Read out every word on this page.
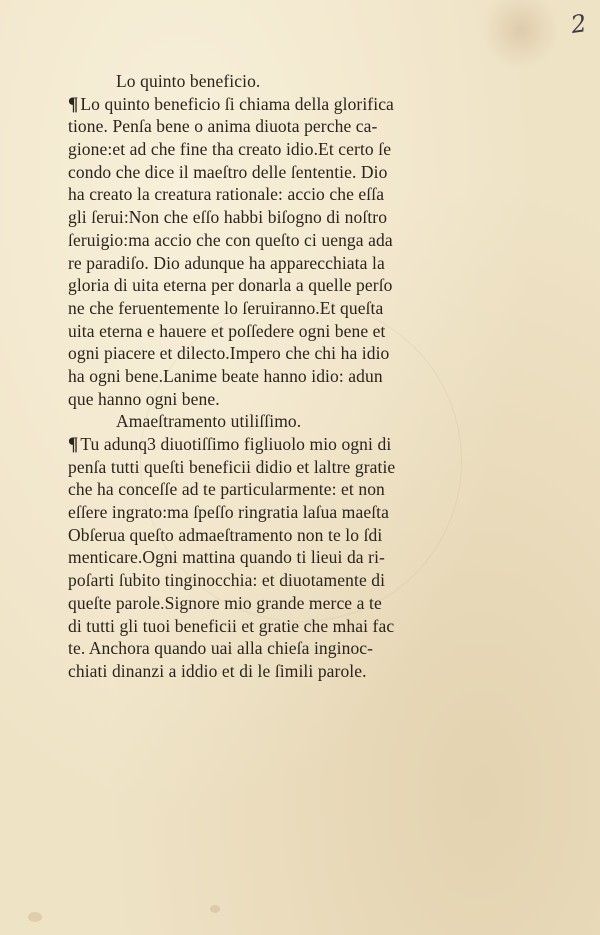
2
Lo quinto beneficio.
¶ Lo quinto beneficio ſi chiama della glorifica
tione. Penſa bene o anima diuota perche ca-
gione:et ad che fine tha creato idio.Et certo ſe
condo che dice il maeſtro delle ſententie. Dio
ha creato la creatura rationale: accio che eſſa
gli ſerui:Non che eſſo habbi biſogno di noſtro
ſeruigio:ma accio che con queſto ci uenga ada
re paradiſo. Dio adunque ha apparecchiata la
gloria di uita eterna per donarla a quelle perſo
ne che feruentemente lo ſeruiranno.Et queſta
uita eterna e hauere et poſſedere ogni bene et
ogni piacere et dilecto.Impero che chi ha idio
ha ogni bene.Lanime beate hanno idio: adun
que hanno ogni bene.
Amaeſtramento utiliſſimo.
¶ Tu adunq3 diuotiſſimo figliuolo mio ogni di
penſa tutti queſti beneficii didio et laltre gratie
che ha conceſſe ad te particularmente: et non
eſſere ingrato:ma ſpeſſo ringratia laſua maeſta
Obſerua queſto admaeſtramento non te lo ſdi
menticare.Ogni mattina quando ti lieui da ri-
poſarti ſubito tinginocchia: et diuotamente di
queſte parole.Signore mio grande merce a te
di tutti gli tuoi beneficii et gratie che mhai fac
te. Anchora quando uai alla chieſa inginoc-
chiati dinanzi a iddio et di le ſimili parole.
